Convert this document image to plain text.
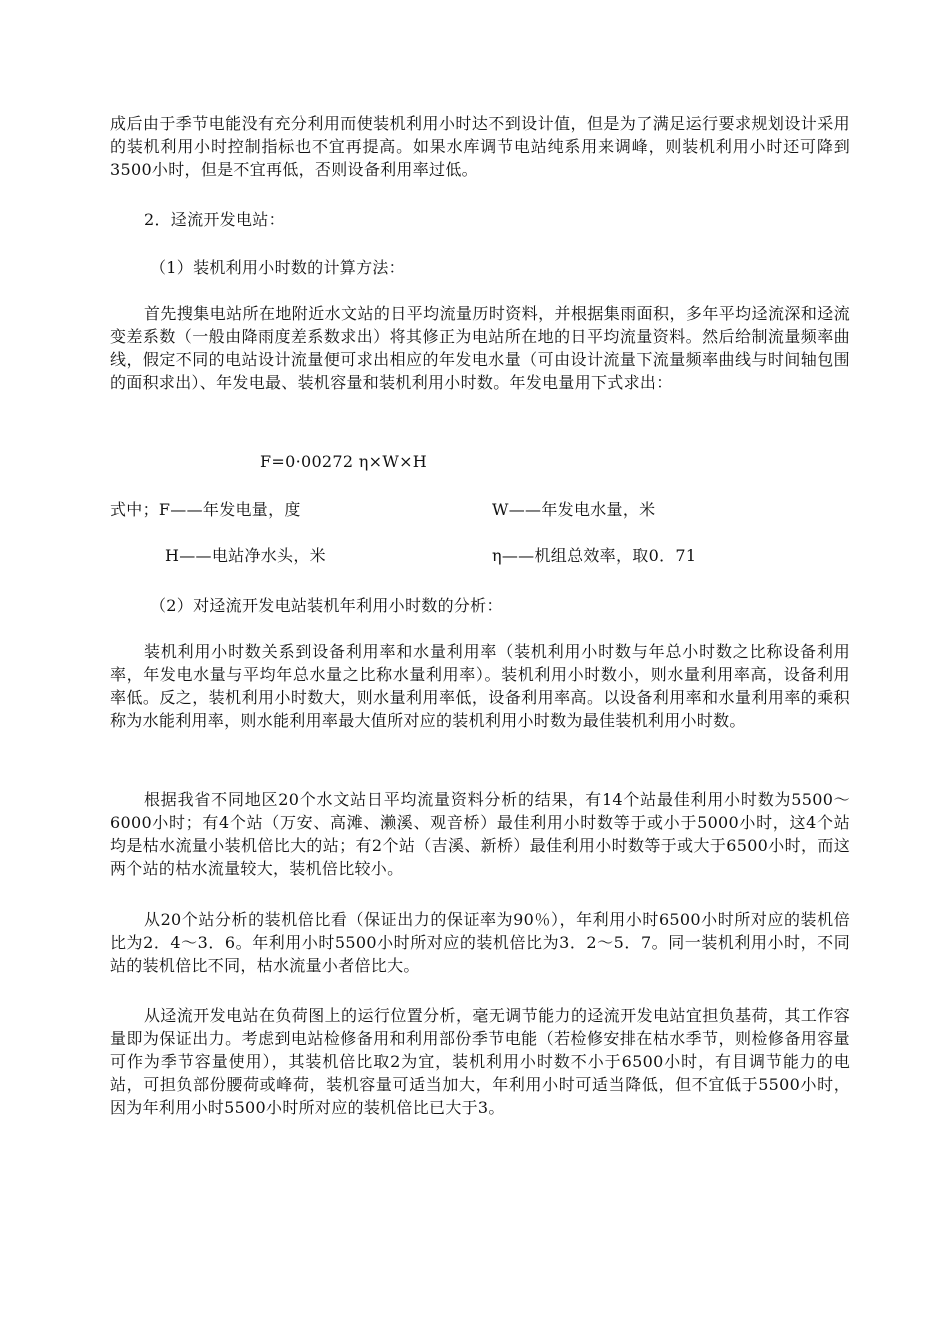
成后由于季节电能没有充分利用而使装机利用小时达不到设计值，但是为了满足运行要求规划设计采用的装机利用小时控制指标也不宜再提高。如果水库调节电站纯系用来调峰，则装机利用小时还可降到3500小时，但是不宜再低，否则设备利用率过低。

2．迳流开发电站：

（1）装机利用小时数的计算方法：

首先搜集电站所在地附近水文站的日平均流量历时资料，并根据集雨面积，多年平均迳流深和迳流变差系数（一般由降雨度差系数求出）将其修正为电站所在地的日平均流量资料。然后给制流量频率曲线，假定不同的电站设计流量便可求出相应的年发电水量（可由设计流量下流量频率曲线与时间轴包围的面积求出）、年发电最、装机容量和装机利用小时数。年发电量用下式求出：

F=0·00272 η×W×H

式中；F——年发电量，度	W——年发电水量，米

H——电站净水头，米	η——机组总效率，取0．71

（2）对迳流开发电站装机年利用小时数的分析：

装机利用小时数关系到设备利用率和水量利用率（装机利用小时数与年总小时数之比称设备利用率，年发电水量与平均年总水量之比称水量利用率）。装机利用小时数小，则水量利用率高，设备利用率低。反之，装机利用小时数大，则水量利用率低，设备利用率高。以设备利用率和水量利用率的乘积称为水能利用率，则水能利用率最大值所对应的装机利用小时数为最佳装机利用小时数。

根据我省不同地区20个水文站日平均流量资料分析的结果，有14个站最佳利用小时数为5500～6000小时；有4个站（万安、高滩、濑溪、观音桥）最佳利用小时数等于或小于5000小时，这4个站均是枯水流量小装机倍比大的站；有2个站（吉溪、新桥）最佳利用小时数等于或大于6500小时，而这两个站的枯水流量较大，装机倍比较小。

从20个站分析的装机倍比看（保证出力的保证率为90％），年利用小时6500小时所对应的装机倍比为2．4～3．6。年利用小时5500小时所对应的装机倍比为3．2～5．7。同一装机利用小时，不同站的装机倍比不同，枯水流量小者倍比大。

从迳流开发电站在负荷图上的运行位置分析，毫无调节能力的迳流开发电站宜担负基荷，其工作容量即为保证出力。考虑到电站检修备用和利用部份季节电能（若检修安排在枯水季节，则检修备用容量可作为季节容量使用），其装机倍比取2为宜，装机利用小时数不小于6500小时，有目调节能力的电站，可担负部份腰荷或峰荷，装机容量可适当加大，年利用小时可适当降低，但不宜低于5500小时，因为年利用小时5500小时所对应的装机倍比已大于3。
